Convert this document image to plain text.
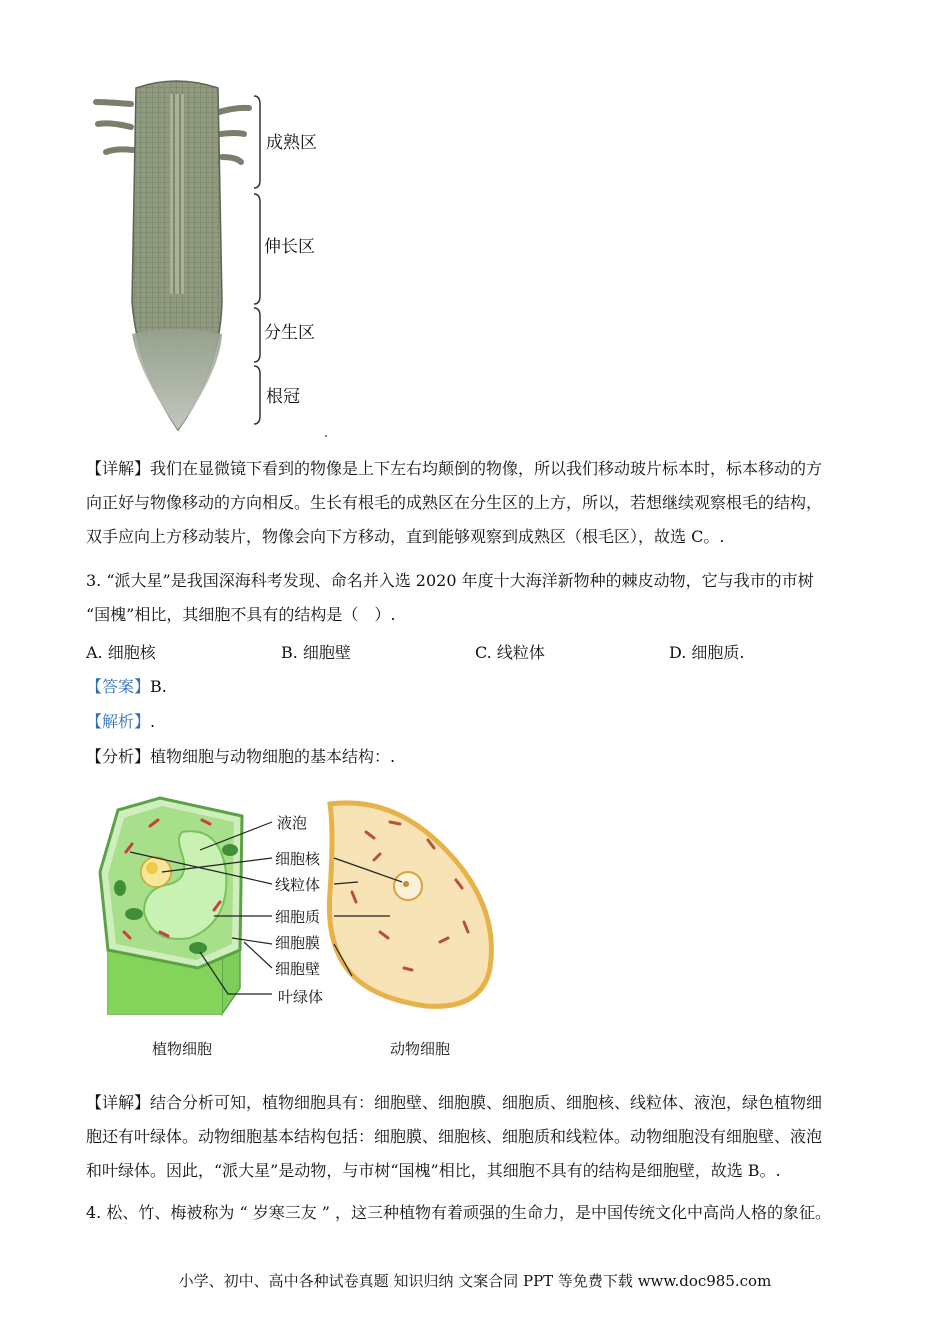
成熟区
伸长区
分生区
根冠
【详解】我们在显微镜下看到的物像是上下左右均颠倒的物像，所以我们移动玻片标本时，标本移动的方
向正好与物像移动的方向相反。生长有根毛的成熟区在分生区的上方，所以，若想继续观察根毛的结构，
双手应向上方移动装片，物像会向下方移动，直到能够观察到成熟区（根毛区），故选 C。.
3. “派大星”是我国深海科考发现、命名并入选 2020 年度十大海洋新物种的棘皮动物，它与我市的市树
“国槐”相比，其细胞不具有的结构是（　）.
A. 细胞核	B. 细胞壁	C. 线粒体	D. 细胞质.
【答案】B.
【解析】.
【分析】植物细胞与动物细胞的基本结构：.
液泡
细胞核
线粒体
细胞质
细胞膜
细胞壁
叶绿体
植物细胞	动物细胞
【详解】结合分析可知，植物细胞具有：细胞壁、细胞膜、细胞质、细胞核、线粒体、液泡，绿色植物细
胞还有叶绿体。动物细胞基本结构包括：细胞膜、细胞核、细胞质和线粒体。动物细胞没有细胞壁、液泡
和叶绿体。因此，“派大星”是动物，与市树“国槐”相比，其细胞不具有的结构是细胞壁，故选 B。.
4. 松、竹、梅被称为 “ 岁寒三友 ” ，这三种植物有着顽强的生命力，是中国传统文化中高尚人格的象征。
小学、初中、高中各种试卷真题 知识归纳 文案合同 PPT 等免费下载 www.doc985.com
